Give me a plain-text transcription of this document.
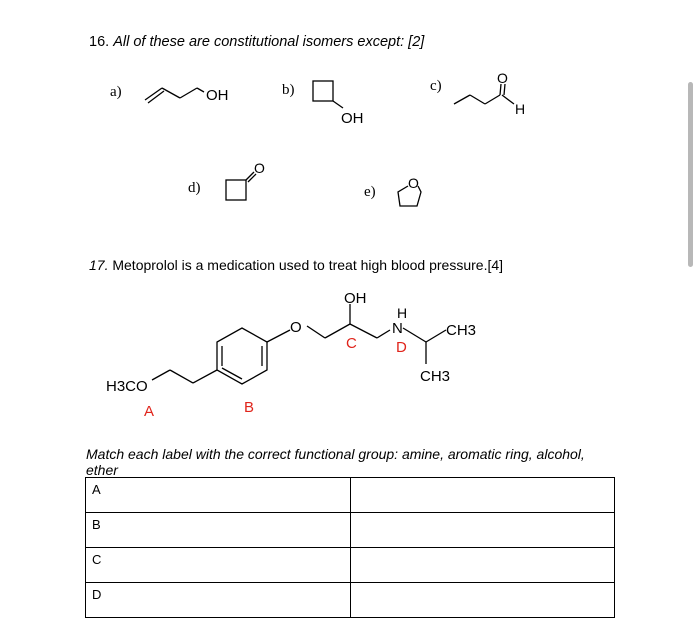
16. All of these are constitutional isomers except: [2]
a)	OH	b)
OH
c)	O
H
d)
O
e)
O
17. Metoprolol is a medication used to treat high blood pressure.[4]
H3CO
O
OH
H
N	CH3
CH3
A	B
C	D
Match each label with the correct functional group: amine, aromatic ring, alcohol, ether
A	
B	
C	
D	
